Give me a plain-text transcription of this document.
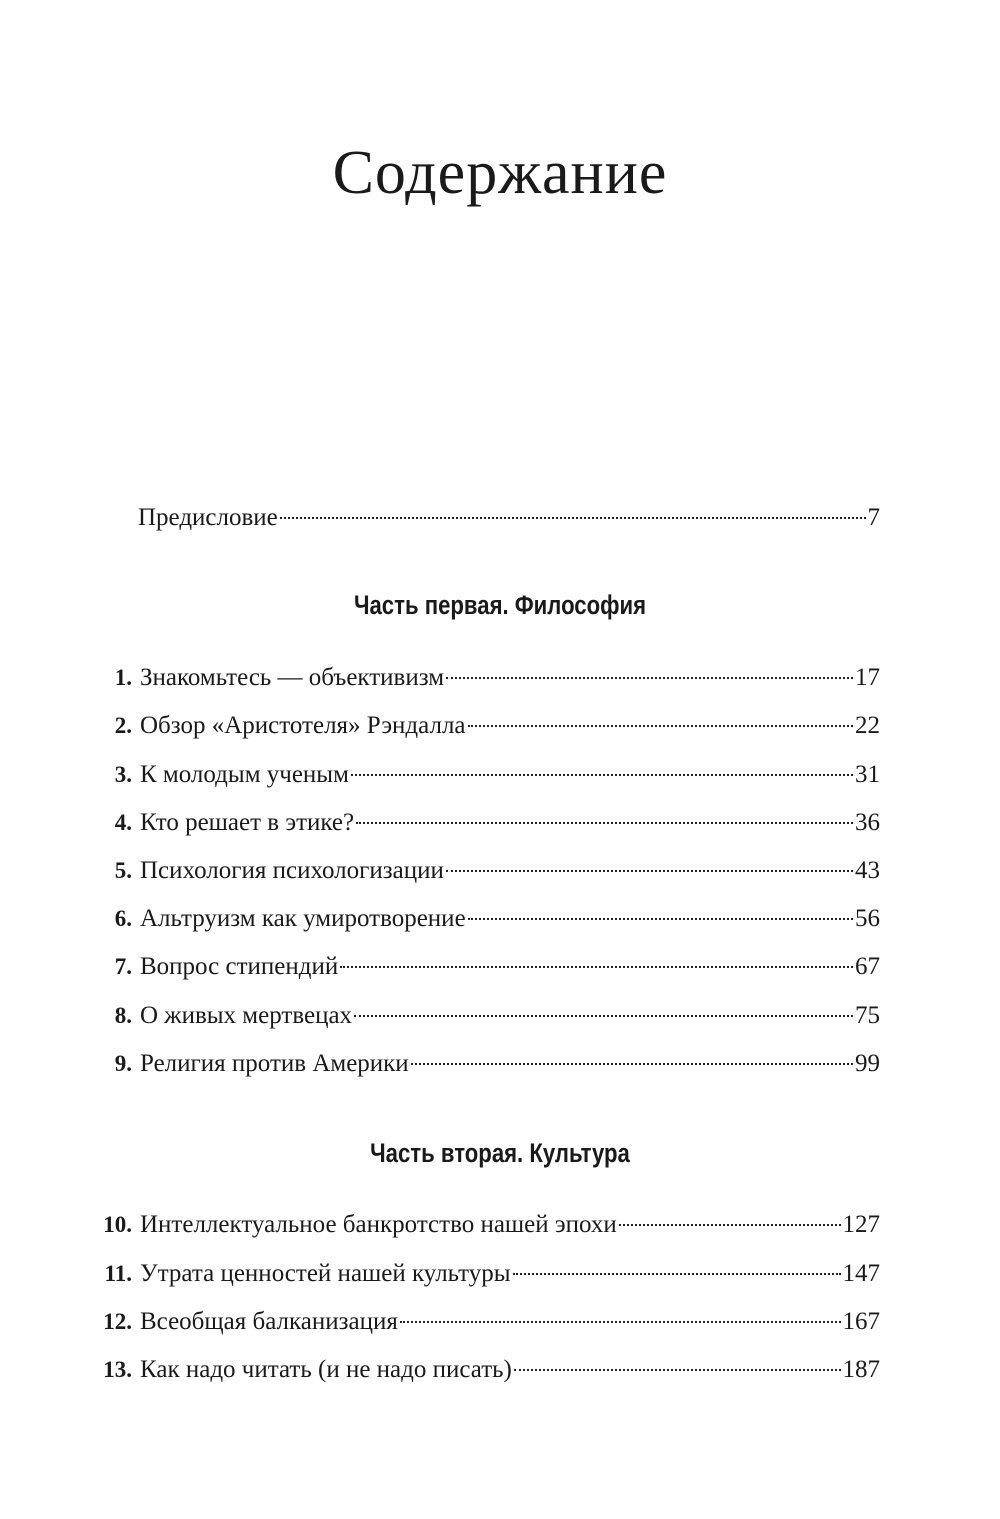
Содержание
Предисловие	7
Часть первая. Философия
1. Знакомьтесь — объективизм	17
2. Обзор «Аристотеля» Рэндалла	22
3. К молодым ученым	31
4. Кто решает в этике?	36
5. Психология психологизации	43
6. Альтруизм как умиротворение	56
7. Вопрос стипендий	67
8. О живых мертвецах	75
9. Религия против Америки	99
Часть вторая. Культура
10. Интеллектуальное банкротство нашей эпохи	127
11. Утрата ценностей нашей культуры	147
12. Всеобщая балканизация	167
13. Как надо читать (и не надо писать)	187
